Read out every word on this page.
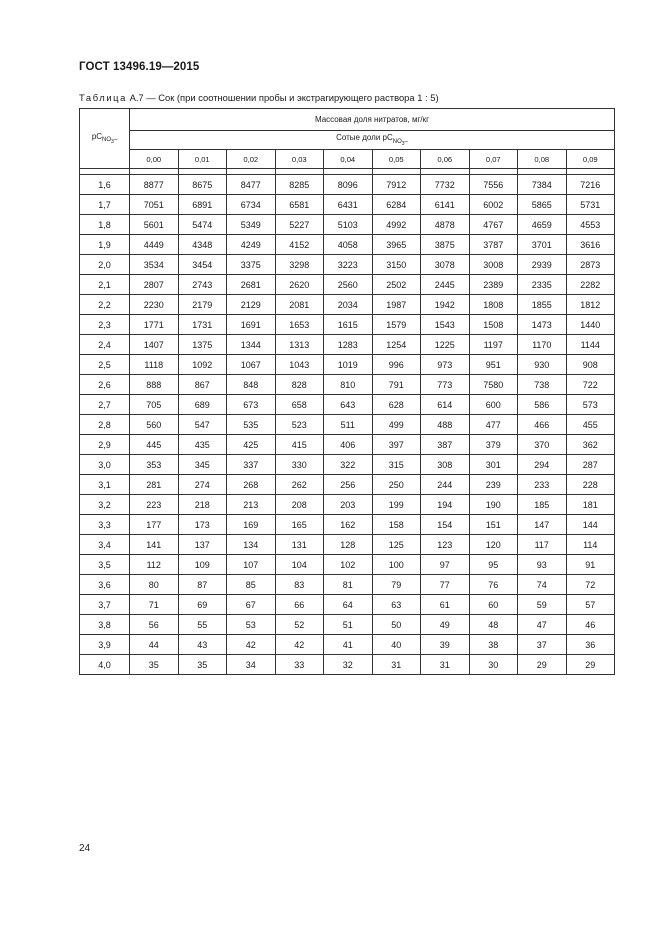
ГОСТ 13496.19—2015
Таблица А.7 — Сок (при соотношении пробы и экстрагирующего раствора 1 : 5)
$pC_{NO_3-}$	Массовая доля нитратов, мг/кг									
	Сотые доли $pC_{NO_3-}$
	0,00	0,01	0,02	0,03	0,04	0,05	0,06	0,07	0,08	0,09

1,6	8877	8675	8477	8285	8096	7912	7732	7556	7384	7216
1,7	7051	6891	6734	6581	6431	6284	6141	6002	5865	5731
1,8	5601	5474	5349	5227	5103	4992	4878	4767	4659	4553
1,9	4449	4348	4249	4152	4058	3965	3875	3787	3701	3616
2,0	3534	3454	3375	3298	3223	3150	3078	3008	2939	2873
2,1	2807	2743	2681	2620	2560	2502	2445	2389	2335	2282
2,2	2230	2179	2129	2081	2034	1987	1942	1808	1855	1812
2,3	1771	1731	1691	1653	1615	1579	1543	1508	1473	1440
2,4	1407	1375	1344	1313	1283	1254	1225	1197	1170	1144
2,5	1118	1092	1067	1043	1019	996	973	951	930	908
2,6	888	867	848	828	810	791	773	7580	738	722
2,7	705	689	673	658	643	628	614	600	586	573
2,8	560	547	535	523	511	499	488	477	466	455
2,9	445	435	425	415	406	397	387	379	370	362
3,0	353	345	337	330	322	315	308	301	294	287
3,1	281	274	268	262	256	250	244	239	233	228
3,2	223	218	213	208	203	199	194	190	185	181
3,3	177	173	169	165	162	158	154	151	147	144
3,4	141	137	134	131	128	125	123	120	117	114
3,5	112	109	107	104	102	100	97	95	93	91
3,6	80	87	85	83	81	79	77	76	74	72
3,7	71	69	67	66	64	63	61	60	59	57
3,8	56	55	53	52	51	50	49	48	47	46
3,9	44	43	42	42	41	40	39	38	37	36
4,0	35	35	34	33	32	31	31	30	29	29
24
